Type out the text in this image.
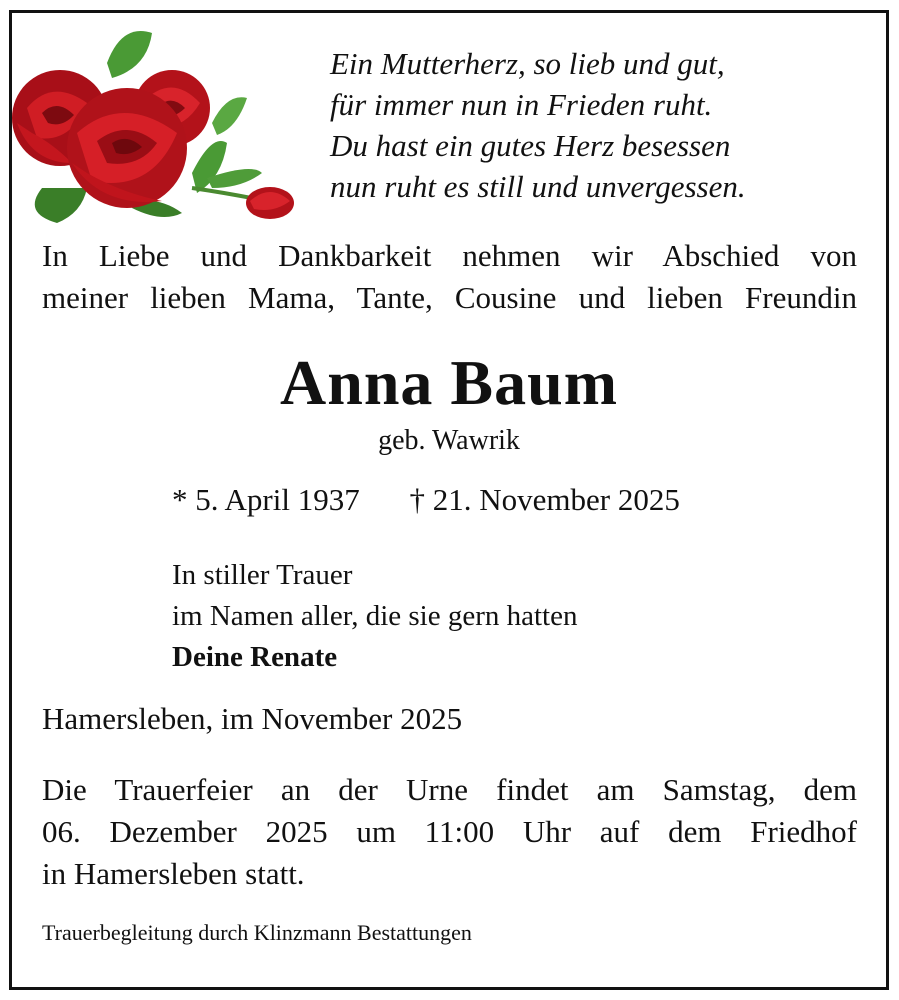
Ein Mutterherz, so lieb und gut,
für immer nun in Frieden ruht.
Du hast ein gutes Herz besessen
nun ruht es still und unvergessen.
In Liebe und Dankbarkeit nehmen wir Abschied von
meiner lieben Mama, Tante, Cousine und lieben Freundin
Anna Baum
geb. Wawrik
* 5. April 1937 † 21. November 2025
In stiller Trauer
im Namen aller, die sie gern hatten
Deine Renate
Hamersleben, im November 2025
Die Trauerfeier an der Urne findet am Samstag, dem
06. Dezember 2025 um 11:00 Uhr auf dem Friedhof
in Hamersleben statt.
Trauerbegleitung durch Klinzmann Bestattungen
